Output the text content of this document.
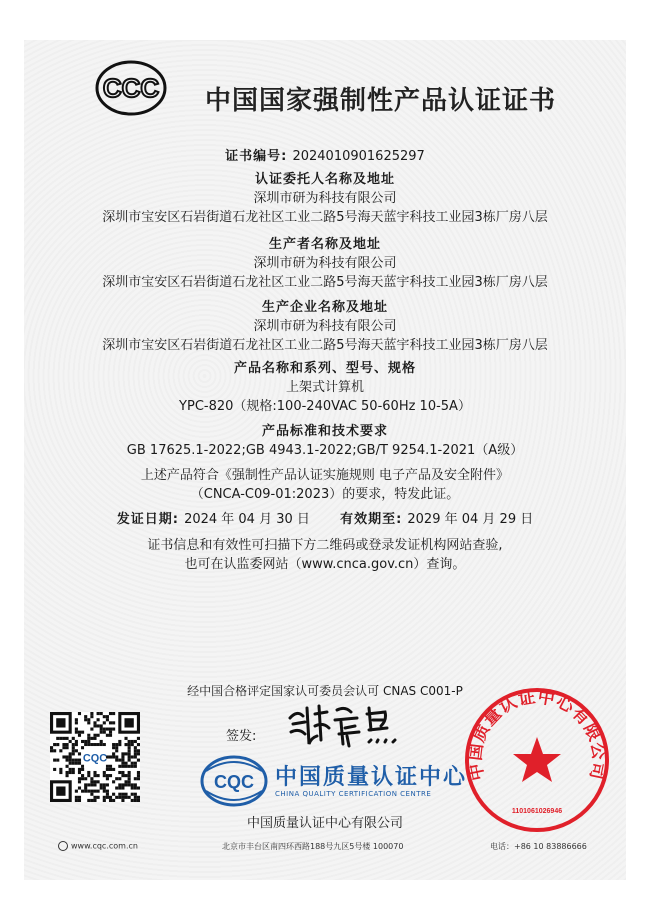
CCC 中国国家强制性产品认证证书
证书编号: 2024010901625297
认证委托人名称及地址
深圳市研为科技有限公司
深圳市宝安区石岩街道石龙社区工业二路5号海天蓝宇科技工业园3栋厂房八层
生产者名称及地址
深圳市研为科技有限公司
深圳市宝安区石岩街道石龙社区工业二路5号海天蓝宇科技工业园3栋厂房八层
生产企业名称及地址
深圳市研为科技有限公司
深圳市宝安区石岩街道石龙社区工业二路5号海天蓝宇科技工业园3栋厂房八层
产品名称和系列、型号、规格
上架式计算机
YPC-820（规格:100-240VAC 50-60Hz 10-5A）
产品标准和技术要求
GB 17625.1-2022;GB 4943.1-2022;GB/T 9254.1-2021（A级）
上述产品符合《强制性产品认证实施规则 电子产品及安全附件》
（CNCA-C09-01:2023）的要求，特发此证。
发证日期: 2024 年 04 月 30 日 有效期至: 2029 年 04 月 29 日
证书信息和有效性可扫描下方二维码或登录发证机构网站查验,
也可在认监委网站（www.cnca.gov.cn）查询。
经中国合格评定国家认可委员会认可 CNAS C001-P
CQC
签发:
CQC 中国质量认证中心
CHINA QUALITY CERTIFICATION CENTRE
中国质量认证中心有限公司
1101061026946
中国质量认证中心有限公司
www.cqc.com.cn	北京市丰台区南四环西路188号九区5号楼 100070	电话：+86 10 83886666
